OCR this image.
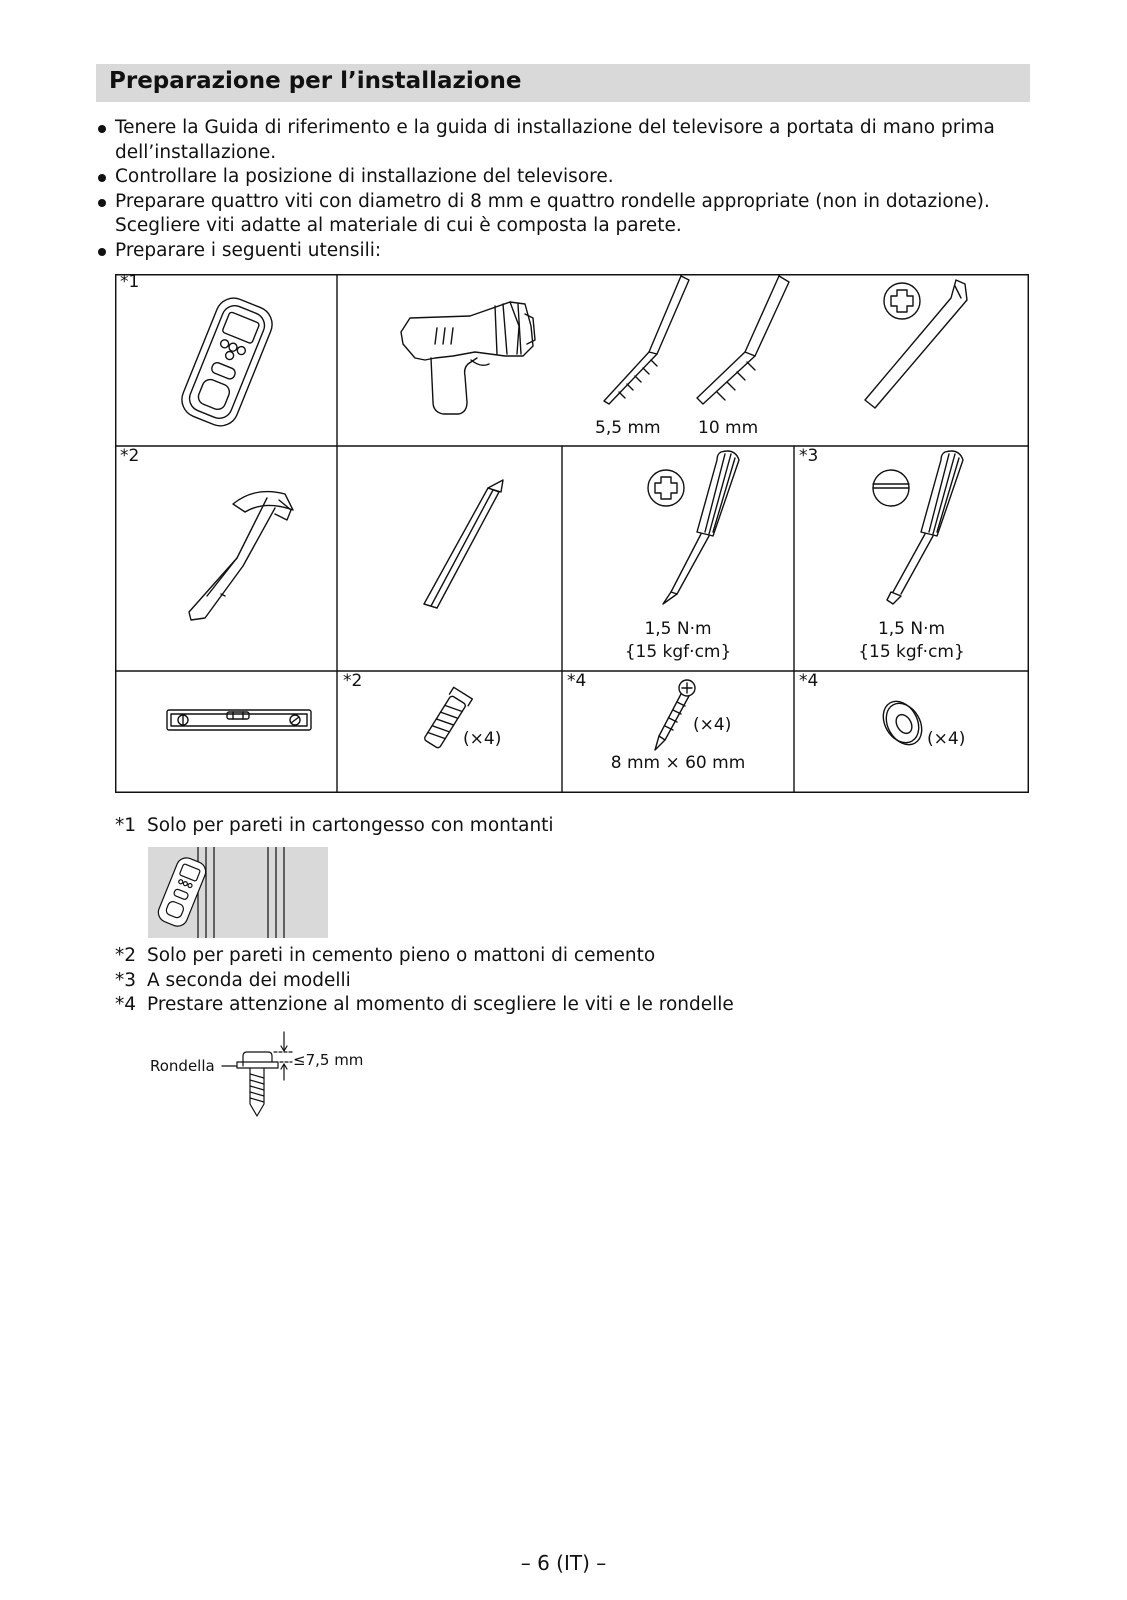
Preparazione per l’installazione
Tenere la Guida di riferimento e la guida di installazione del televisore a portata di mano prima dell’installazione.
Controllare la posizione di installazione del televisore.
Preparare quattro viti con diametro di 8 mm e quattro rondelle appropriate (non in dotazione). Scegliere viti adatte al materiale di cui è composta la parete.
Preparare i seguenti utensili:
*1
5,5 mm 10 mm
*2
1,5 N·m
{15 kgf·cm}
*3
1,5 N·m
{15 kgf·cm}
*2
(×4)
*4
(×4)
8 mm × 60 mm
*4
(×4)
*1 Solo per pareti in cartongesso con montanti
*2 Solo per pareti in cemento pieno o mattoni di cemento
*3 A seconda dei modelli
*4 Prestare attenzione al momento di scegliere le viti e le rondelle
Rondella	≤7,5 mm
– 6 (IT) –
